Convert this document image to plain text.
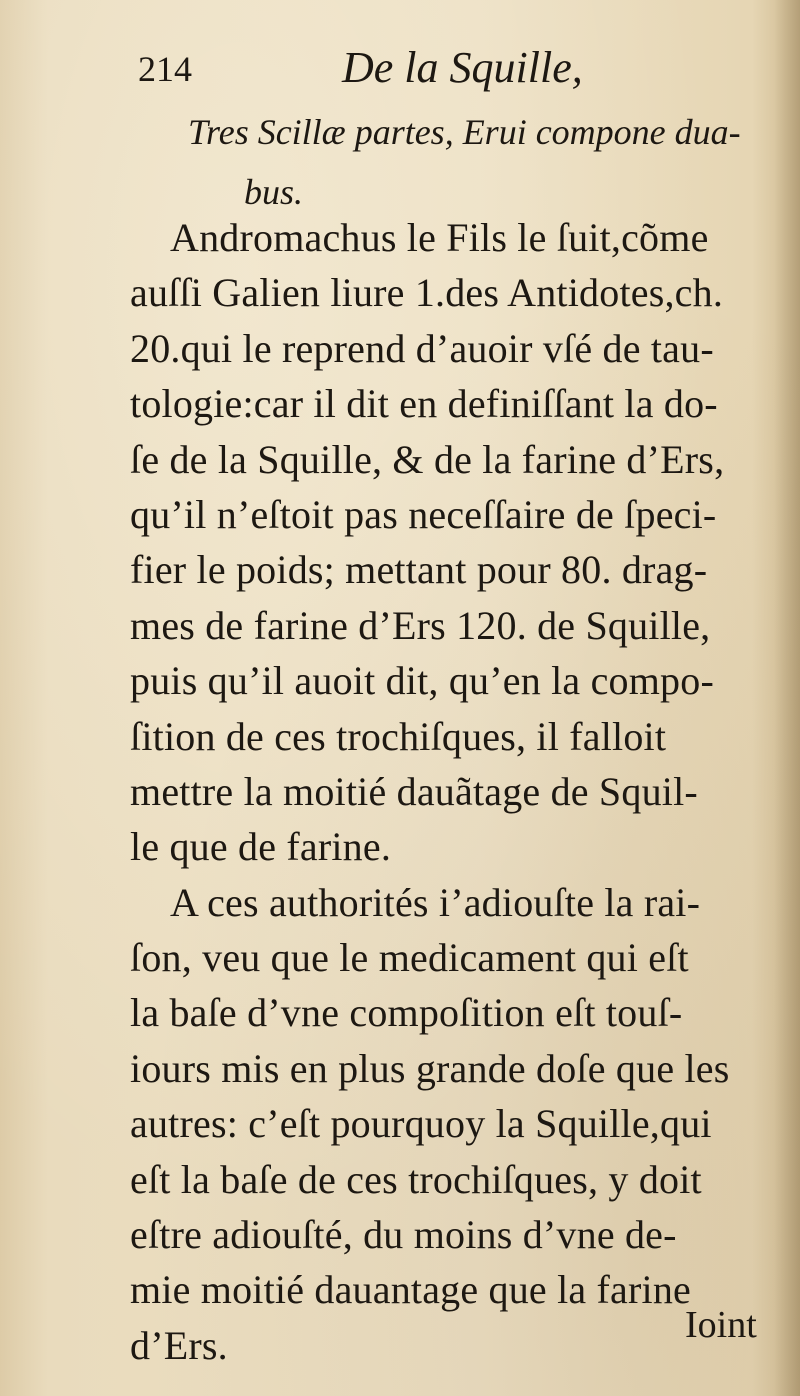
214	De la Squille,
Tres Scillæ partes, Erui compone dua-
bus.
Andromachus le Fils le ſuit,cõme
auſſi Galien liure 1.des Antidotes,ch.
20.qui le reprend d’auoir vſé de tau-
tologie:car il dit en definiſſant la do-
ſe de la Squille, & de la farine d’Ers,
qu’il n’eſtoit pas neceſſaire de ſpeci-
fier le poids; mettant pour 80. drag-
mes de farine d’Ers 120. de Squille,
puis qu’il auoit dit, qu’en la compo-
ſition de ces trochiſques, il falloit
mettre la moitié dauãtage de Squil-
le que de farine.
A ces authorités i’adiouſte la rai-
ſon, veu que le medicament qui eſt
la baſe d’vne compoſition eſt touſ-
iours mis en plus grande doſe que les
autres: c’eſt pourquoy la Squille,qui
eſt la baſe de ces trochiſques, y doit
eſtre adiouſté, du moins d’vne de-
mie moitié dauantage que la farine
d’Ers.	Ioint
